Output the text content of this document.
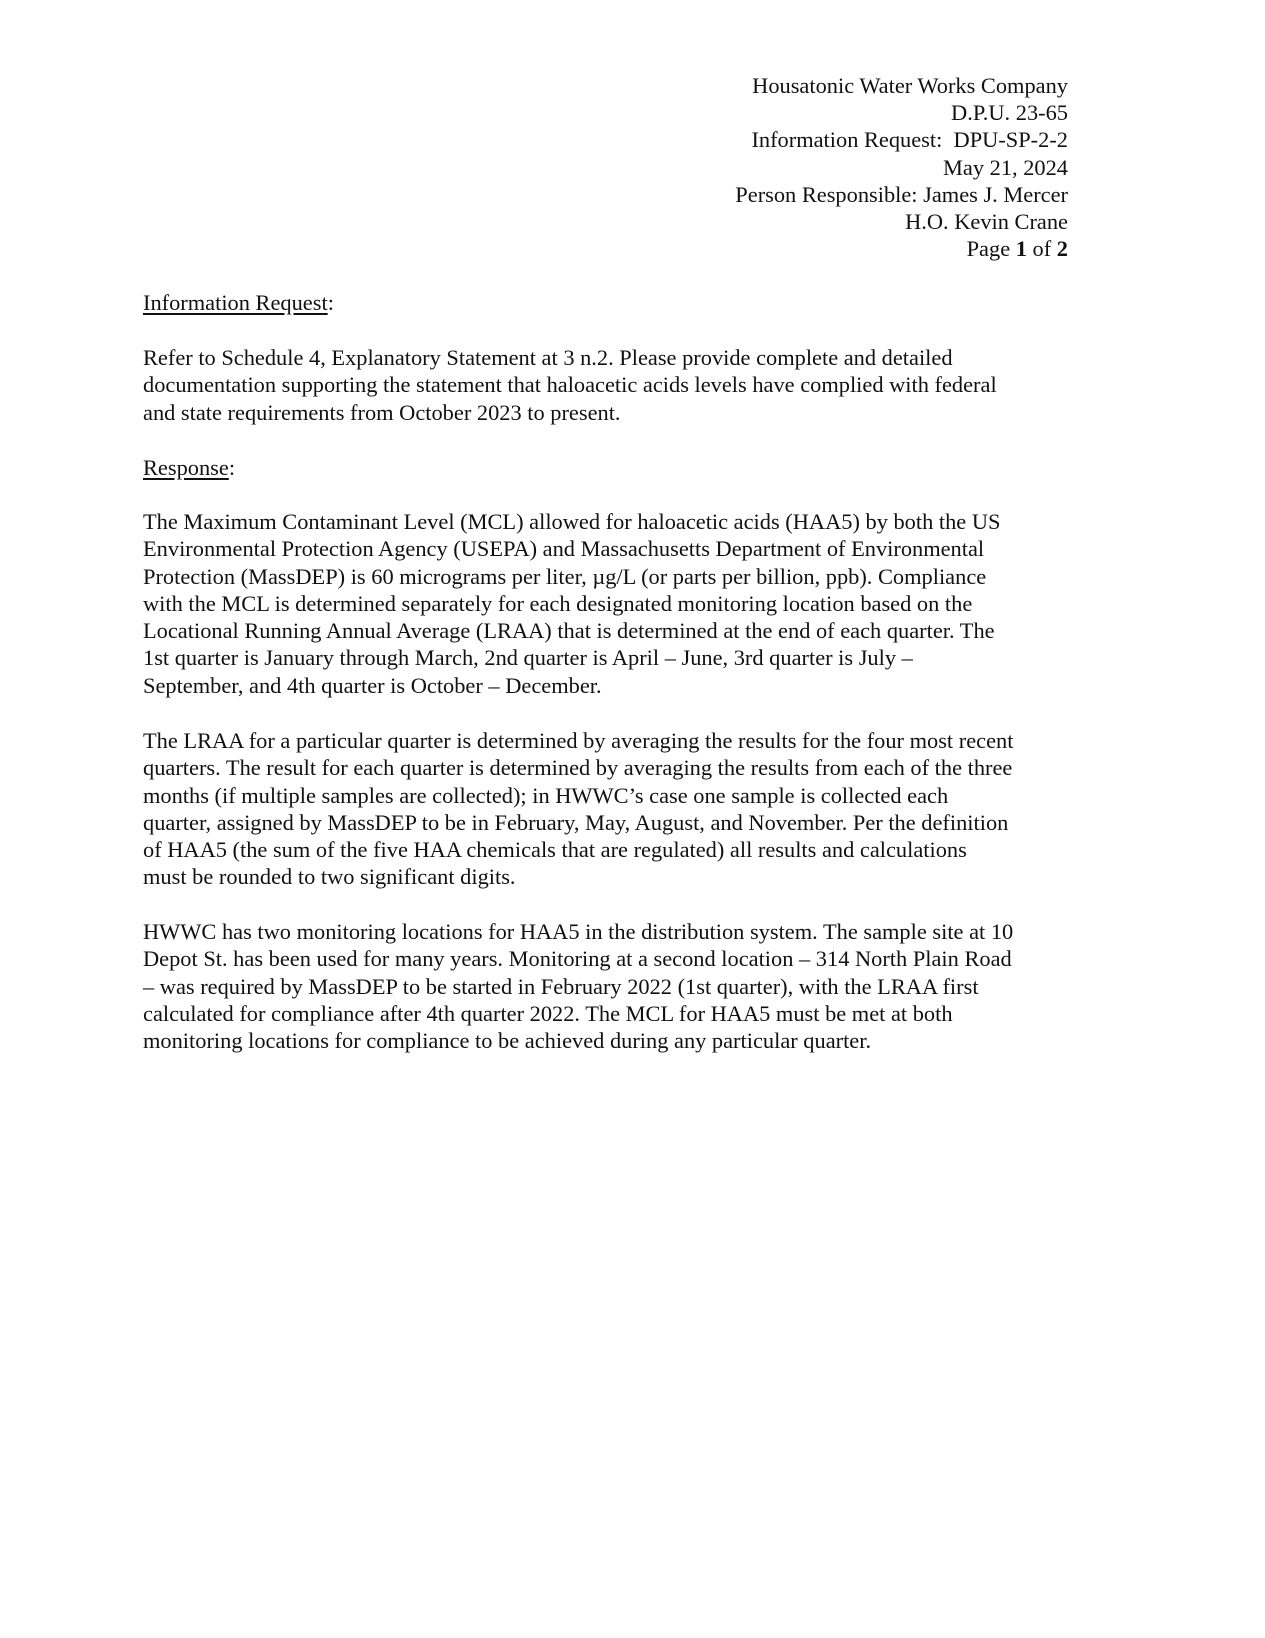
Housatonic Water Works Company
D.P.U. 23-65
Information Request:  DPU-SP-2-2
May 21, 2024
Person Responsible: James J. Mercer
H.O. Kevin Crane
Page 1 of 2
Information Request:
Refer to Schedule 4, Explanatory Statement at 3 n.2. Please provide complete and detailed
documentation supporting the statement that haloacetic acids levels have complied with federal
and state requirements from October 2023 to present.
Response:
The Maximum Contaminant Level (MCL) allowed for haloacetic acids (HAA5) by both the US
Environmental Protection Agency (USEPA) and Massachusetts Department of Environmental
Protection (MassDEP) is 60 micrograms per liter, µg/L (or parts per billion, ppb). Compliance
with the MCL is determined separately for each designated monitoring location based on the
Locational Running Annual Average (LRAA) that is determined at the end of each quarter. The
1st quarter is January through March, 2nd quarter is April – June, 3rd quarter is July –
September, and 4th quarter is October – December.
The LRAA for a particular quarter is determined by averaging the results for the four most recent
quarters. The result for each quarter is determined by averaging the results from each of the three
months (if multiple samples are collected); in HWWC’s case one sample is collected each
quarter, assigned by MassDEP to be in February, May, August, and November. Per the definition
of HAA5 (the sum of the five HAA chemicals that are regulated) all results and calculations
must be rounded to two significant digits.
HWWC has two monitoring locations for HAA5 in the distribution system. The sample site at 10
Depot St. has been used for many years. Monitoring at a second location – 314 North Plain Road
– was required by MassDEP to be started in February 2022 (1st quarter), with the LRAA first
calculated for compliance after 4th quarter 2022. The MCL for HAA5 must be met at both
monitoring locations for compliance to be achieved during any particular quarter.
